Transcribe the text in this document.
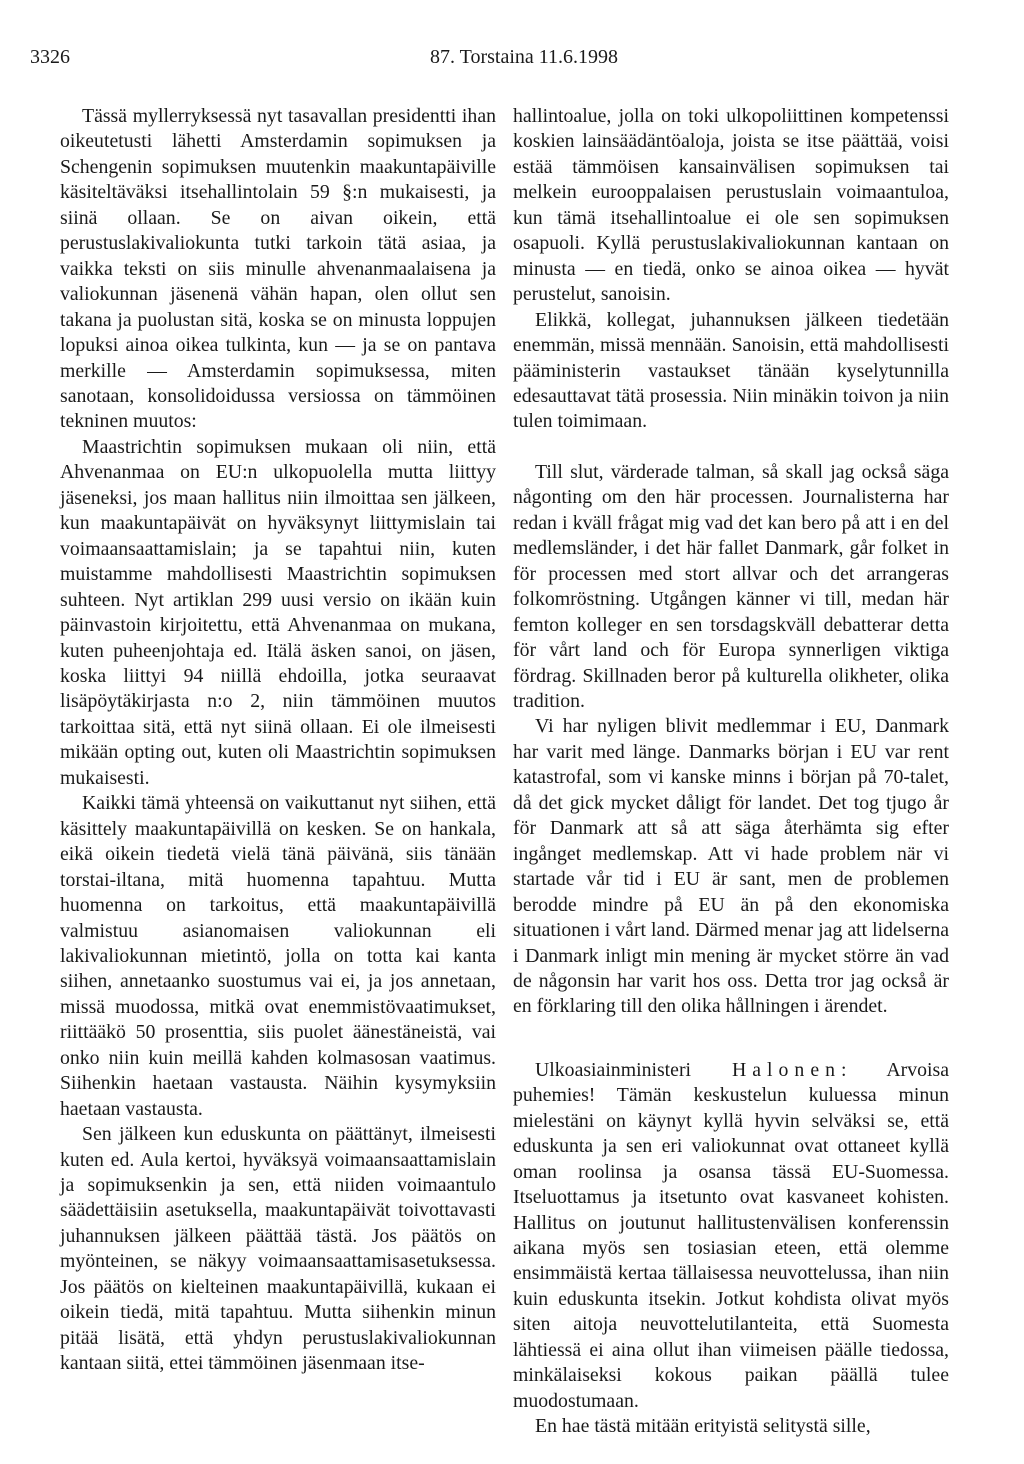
3326	87. Torstaina 11.6.1998

Tässä myllerryksessä nyt tasavallan presidentti ihan oikeutetusti lähetti Amsterdamin sopimuksen ja Schengenin sopimuksen muutenkin maakuntapäiville käsiteltäväksi itsehallintolain 59 §:n mukaisesti, ja siinä ollaan. Se on aivan oikein, että perustuslakivaliokunta tutki tarkoin tätä asiaa, ja vaikka teksti on siis minulle ahvenanmaalaisena ja valiokunnan jäsenenä vähän hapan, olen ollut sen takana ja puolustan sitä, koska se on minusta loppujen lopuksi ainoa oikea tulkinta, kun — ja se on pantava merkille — Amsterdamin sopimuksessa, miten sanotaan, konsolidoidussa versiossa on tämmöinen tekninen muutos:

Maastrichtin sopimuksen mukaan oli niin, että Ahvenanmaa on EU:n ulkopuolella mutta liittyy jäseneksi, jos maan hallitus niin ilmoittaa sen jälkeen, kun maakuntapäivät on hyväksynyt liittymislain tai voimaansaattamislain; ja se tapahtui niin, kuten muistamme mahdollisesti Maastrichtin sopimuksen suhteen. Nyt artiklan 299 uusi versio on ikään kuin päinvastoin kirjoitettu, että Ahvenanmaa on mukana, kuten puheenjohtaja ed. Itälä äsken sanoi, on jäsen, koska liittyi 94 niillä ehdoilla, jotka seuraavat lisäpöytäkirjasta n:o 2, niin tämmöinen muutos tarkoittaa sitä, että nyt siinä ollaan. Ei ole ilmeisesti mikään opting out, kuten oli Maastrichtin sopimuksen mukaisesti.

Kaikki tämä yhteensä on vaikuttanut nyt siihen, että käsittely maakuntapäivillä on kesken. Se on hankala, eikä oikein tiedetä vielä tänä päivänä, siis tänään torstai-iltana, mitä huomenna tapahtuu. Mutta huomenna on tarkoitus, että maakuntapäivillä valmistuu asianomaisen valiokunnan eli lakivaliokunnan mietintö, jolla on totta kai kanta siihen, annetaanko suostumus vai ei, ja jos annetaan, missä muodossa, mitkä ovat enemmistövaatimukset, riittääkö 50 prosenttia, siis puolet äänestäneistä, vai onko niin kuin meillä kahden kolmasosan vaatimus. Siihenkin haetaan vastausta. Näihin kysymyksiin haetaan vastausta.

Sen jälkeen kun eduskunta on päättänyt, ilmeisesti kuten ed. Aula kertoi, hyväksyä voimaansaattamislain ja sopimuksenkin ja sen, että niiden voimaantulo säädettäisiin asetuksella, maakuntapäivät toivottavasti juhannuksen jälkeen päättää tästä. Jos päätös on myönteinen, se näkyy voimaansaattamisasetuksessa. Jos päätös on kielteinen maakuntapäivillä, kukaan ei oikein tiedä, mitä tapahtuu. Mutta siihenkin minun pitää lisätä, että yhdyn perustuslakivaliokunnan kantaan siitä, ettei tämmöinen jäsenmaan itse-

hallintoalue, jolla on toki ulkopoliittinen kompetenssi koskien lainsäädäntöaloja, joista se itse päättää, voisi estää tämmöisen kansainvälisen sopimuksen tai melkein eurooppalaisen perustuslain voimaantuloa, kun tämä itsehallintoalue ei ole sen sopimuksen osapuoli. Kyllä perustuslakivaliokunnan kantaan on minusta — en tiedä, onko se ainoa oikea — hyvät perustelut, sanoisin.

Elikkä, kollegat, juhannuksen jälkeen tiedetään enemmän, missä mennään. Sanoisin, että mahdollisesti pääministerin vastaukset tänään kyselytunnilla edesauttavat tätä prosessia. Niin minäkin toivon ja niin tulen toimimaan.

Till slut, värderade talman, så skall jag också säga någonting om den här processen. Journalisterna har redan i kväll frågat mig vad det kan bero på att i en del medlemsländer, i det här fallet Danmark, går folket in för processen med stort allvar och det arrangeras folkomröstning. Utgången känner vi till, medan här femton kolleger en sen torsdagskväll debatterar detta för vårt land och för Europa synnerligen viktiga fördrag. Skillnaden beror på kulturella olikheter, olika tradition.

Vi har nyligen blivit medlemmar i EU, Danmark har varit med länge. Danmarks början i EU var rent katastrofal, som vi kanske minns i början på 70-talet, då det gick mycket dåligt för landet. Det tog tjugo år för Danmark att så att säga återhämta sig efter ingånget medlemskap. Att vi hade problem när vi startade vår tid i EU är sant, men de problemen berodde mindre på EU än på den ekonomiska situationen i vårt land. Därmed menar jag att lidelserna i Danmark inligt min mening är mycket större än vad de någonsin har varit hos oss. Detta tror jag också är en förklaring till den olika hållningen i ärendet.

Ulkoasiainministeri Halonen: Arvoisa puhemies! Tämän keskustelun kuluessa minun mielestäni on käynyt kyllä hyvin selväksi se, että eduskunta ja sen eri valiokunnat ovat ottaneet kyllä oman roolinsa ja osansa tässä EU-Suomessa. Itseluottamus ja itsetunto ovat kasvaneet kohisten. Hallitus on joutunut hallitustenvälisen konferenssin aikana myös sen tosiasian eteen, että olemme ensimmäistä kertaa tällaisessa neuvottelussa, ihan niin kuin eduskunta itsekin. Jotkut kohdista olivat myös siten aitoja neuvottelutilanteita, että Suomesta lähtiessä ei aina ollut ihan viimeisen päälle tiedossa, minkälaiseksi kokous paikan päällä tulee muodostumaan.

En hae tästä mitään erityistä selitystä sille,
